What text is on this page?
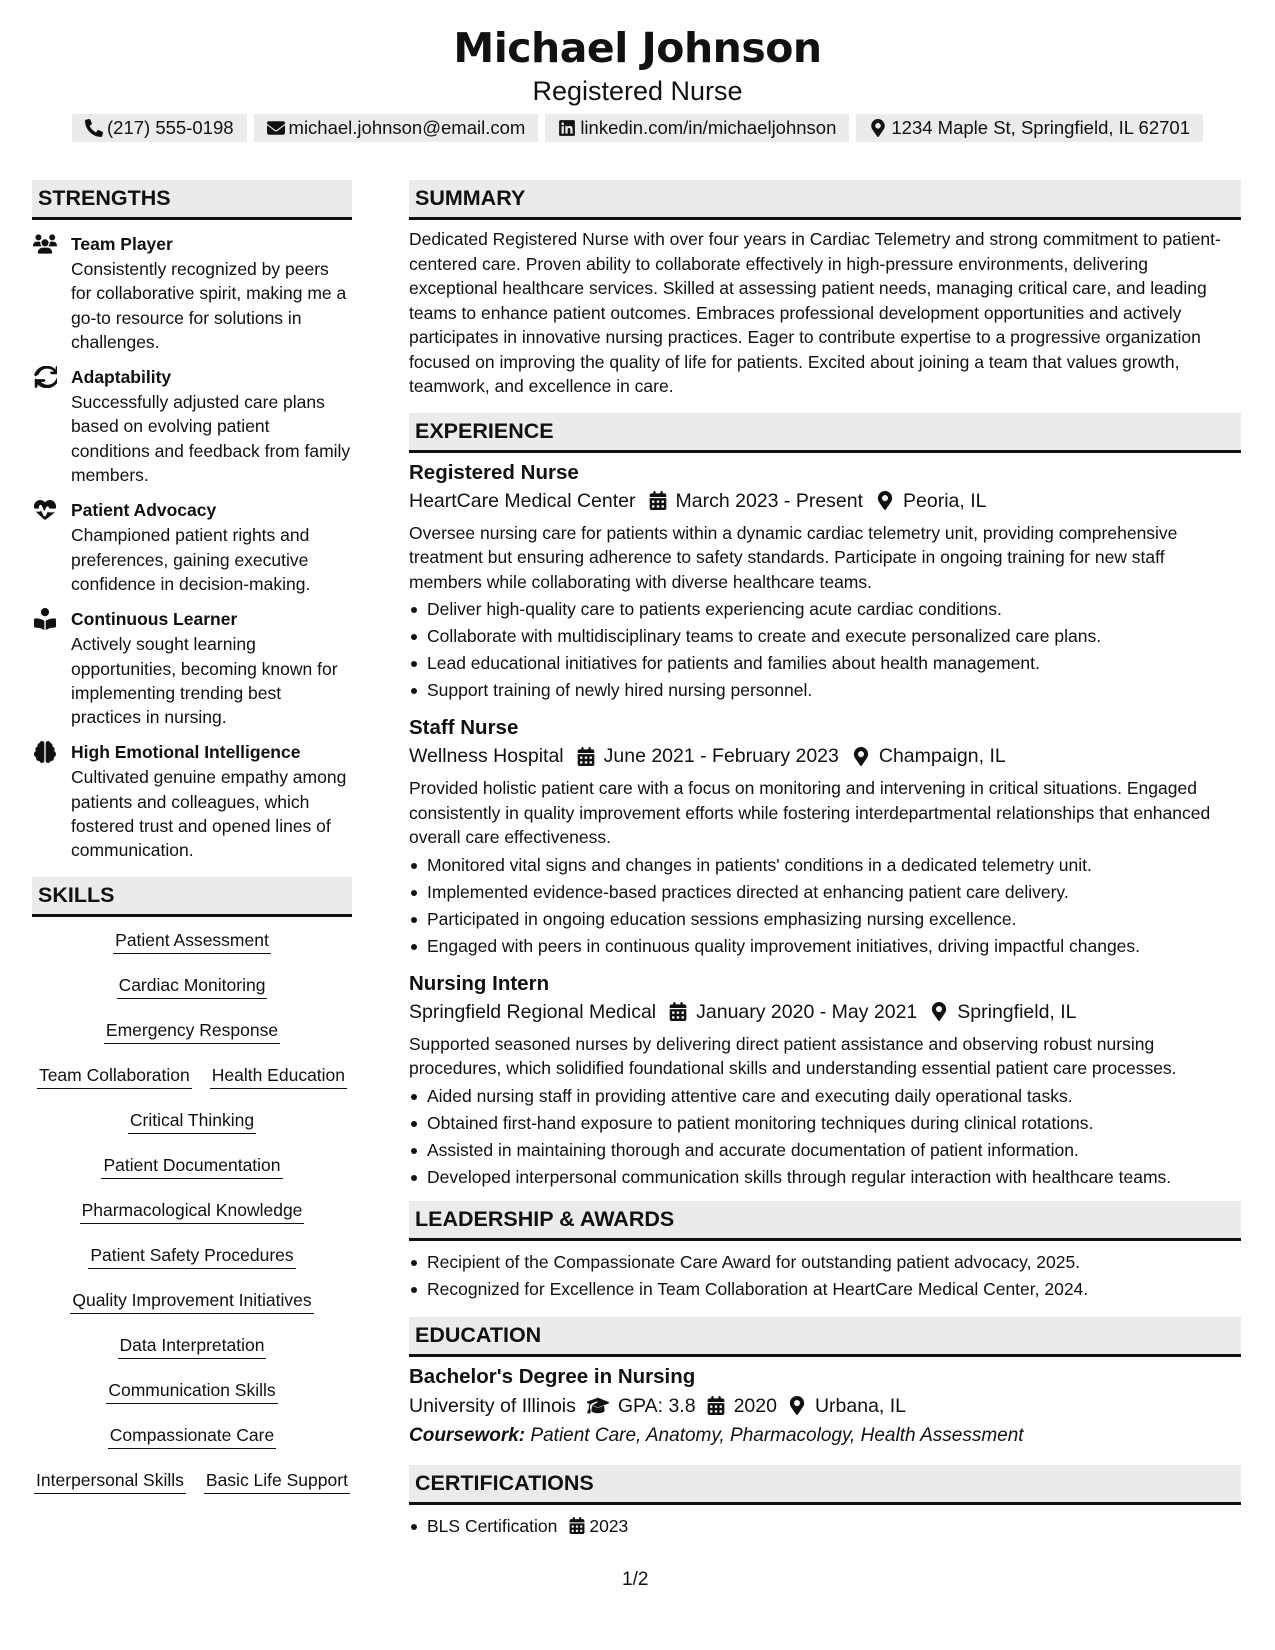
Michael Johnson
Registered Nurse
(217) 555-0198	michael.johnson@email.com	linkedin.com/in/michaeljohnson	1234 Maple St, Springfield, IL 62701
STRENGTHS
Team Player
Consistently recognized by peers for collaborative spirit, making me a go-to resource for solutions in challenges.
Adaptability
Successfully adjusted care plans based on evolving patient conditions and feedback from family members.
Patient Advocacy
Championed patient rights and preferences, gaining executive confidence in decision-making.
Continuous Learner
Actively sought learning opportunities, becoming known for implementing trending best practices in nursing.
High Emotional Intelligence
Cultivated genuine empathy among patients and colleagues, which fostered trust and opened lines of communication.
SKILLS
Patient Assessment
Cardiac Monitoring
Emergency Response
Team Collaboration Health Education
Critical Thinking
Patient Documentation
Pharmacological Knowledge
Patient Safety Procedures
Quality Improvement Initiatives
Data Interpretation
Communication Skills
Compassionate Care
Interpersonal Skills Basic Life Support
SUMMARY
Dedicated Registered Nurse with over four years in Cardiac Telemetry and strong commitment to patient-centered care. Proven ability to collaborate effectively in high-pressure environments, delivering exceptional healthcare services. Skilled at assessing patient needs, managing critical care, and leading teams to enhance patient outcomes. Embraces professional development opportunities and actively participates in innovative nursing practices. Eager to contribute expertise to a progressive organization focused on improving the quality of life for patients. Excited about joining a team that values growth, teamwork, and excellence in care.
EXPERIENCE
Registered Nurse
HeartCare Medical Center March 2023 - Present Peoria, IL
Oversee nursing care for patients within a dynamic cardiac telemetry unit, providing comprehensive treatment but ensuring adherence to safety standards. Participate in ongoing training for new staff members while collaborating with diverse healthcare teams.
Deliver high-quality care to patients experiencing acute cardiac conditions.
Collaborate with multidisciplinary teams to create and execute personalized care plans.
Lead educational initiatives for patients and families about health management.
Support training of newly hired nursing personnel.
Staff Nurse
Wellness Hospital June 2021 - February 2023 Champaign, IL
Provided holistic patient care with a focus on monitoring and intervening in critical situations. Engaged consistently in quality improvement efforts while fostering interdepartmental relationships that enhanced overall care effectiveness.
Monitored vital signs and changes in patients' conditions in a dedicated telemetry unit.
Implemented evidence-based practices directed at enhancing patient care delivery.
Participated in ongoing education sessions emphasizing nursing excellence.
Engaged with peers in continuous quality improvement initiatives, driving impactful changes.
Nursing Intern
Springfield Regional Medical January 2020 - May 2021 Springfield, IL
Supported seasoned nurses by delivering direct patient assistance and observing robust nursing procedures, which solidified foundational skills and understanding essential patient care processes.
Aided nursing staff in providing attentive care and executing daily operational tasks.
Obtained first-hand exposure to patient monitoring techniques during clinical rotations.
Assisted in maintaining thorough and accurate documentation of patient information.
Developed interpersonal communication skills through regular interaction with healthcare teams.
LEADERSHIP & AWARDS
Recipient of the Compassionate Care Award for outstanding patient advocacy, 2025.
Recognized for Excellence in Team Collaboration at HeartCare Medical Center, 2024.
EDUCATION
Bachelor's Degree in Nursing
University of Illinois GPA: 3.8 2020 Urbana, IL
Coursework: Patient Care, Anatomy, Pharmacology, Health Assessment
CERTIFICATIONS
BLS Certification 2023
1/2
